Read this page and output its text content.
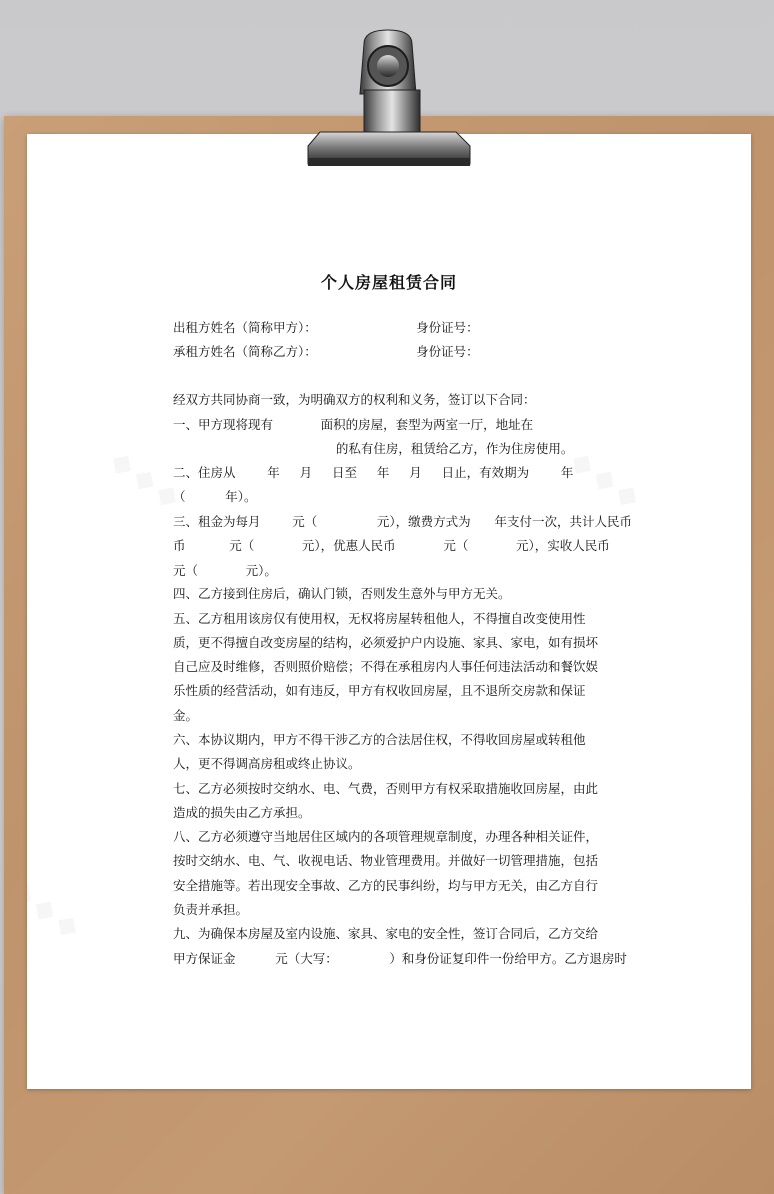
个人房屋租赁合同
出租方姓名（简称甲方）：                         身份证号：
承租方姓名（简称乙方）：                         身份证号：
经双方共同协商一致，为明确双方的权利和义务，签订以下合同：
一、甲方现将现有            面积的房屋，套型为两室一厅，地址在
的私有住房，租赁给乙方，作为住房使用。
二、住房从        年     月     日至     年     月     日止，有效期为        年
（          年）。
三、租金为每月        元（               元），缴费方式为      年支付一次，共计人民币
币           元（            元），优惠人民币            元（            元），实收人民币
元（            元）。
四、乙方接到住房后，确认门锁，否则发生意外与甲方无关。
五、乙方租用该房仅有使用权，无权将房屋转租他人，不得擅自改变使用性
质，更不得擅自改变房屋的结构，必须爱护户内设施、家具、家电，如有损坏
自己应及时维修，否则照价赔偿；不得在承租房内人事任何违法活动和餐饮娱
乐性质的经营活动，如有违反，甲方有权收回房屋，且不退所交房款和保证
金。
六、本协议期内，甲方不得干涉乙方的合法居住权，不得收回房屋或转租他
人，更不得调高房租或终止协议。
七、乙方必须按时交纳水、电、气费，否则甲方有权采取措施收回房屋，由此
造成的损失由乙方承担。
八、乙方必须遵守当地居住区域内的各项管理规章制度，办理各种相关证件，
按时交纳水、电、气、收视电话、物业管理费用。并做好一切管理措施，包括
安全措施等。若出现安全事故、乙方的民事纠纷，均与甲方无关，由乙方自行
负责并承担。
九、为确保本房屋及室内设施、家具、家电的安全性，签订合同后，乙方交给
甲方保证金          元（大写：             ）和身份证复印件一份给甲方。乙方退房时
